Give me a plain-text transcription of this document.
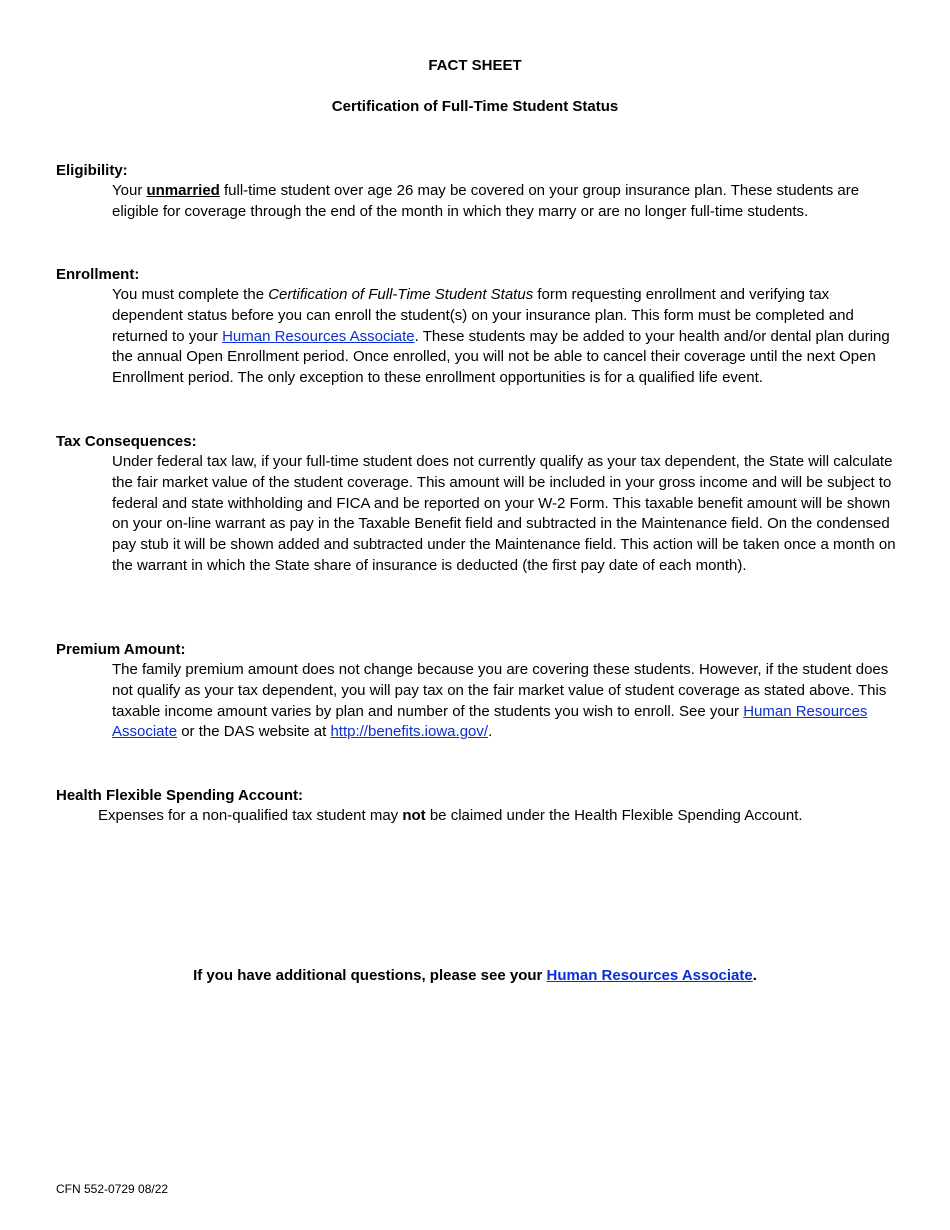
FACT SHEET
Certification of Full-Time Student Status
Eligibility:

Your unmarried full-time student over age 26 may be covered on your group insurance plan. These students are eligible for coverage through the end of the month in which they marry or are no longer full-time students.

Enrollment:

You must complete the Certification of Full-Time Student Status form requesting enrollment and verifying tax dependent status before you can enroll the student(s) on your insurance plan. This form must be completed and returned to your Human Resources Associate. These students may be added to your health and/or dental plan during the annual Open Enrollment period. Once enrolled, you will not be able to cancel their coverage until the next Open Enrollment period. The only exception to these enrollment opportunities is for a qualified life event.

Tax Consequences:

Under federal tax law, if your full-time student does not currently qualify as your tax dependent, the State will calculate the fair market value of the student coverage. This amount will be included in your gross income and will be subject to federal and state withholding and FICA and be reported on your W-2 Form. This taxable benefit amount will be shown on your on-line warrant as pay in the Taxable Benefit field and subtracted in the Maintenance field. On the condensed pay stub it will be shown added and subtracted under the Maintenance field. This action will be taken once a month on the warrant in which the State share of insurance is deducted (the first pay date of each month).

Premium Amount:

The family premium amount does not change because you are covering these students. However, if the student does not qualify as your tax dependent, you will pay tax on the fair market value of student coverage as stated above. This taxable income amount varies by plan and number of the students you wish to enroll. See your Human Resources Associate or the DAS website at http://benefits.iowa.gov/.

Health Flexible Spending Account:

Expenses for a non-qualified tax student may not be claimed under the Health Flexible Spending Account.

If you have additional questions, please see your Human Resources Associate.
CFN 552-0729 08/22
